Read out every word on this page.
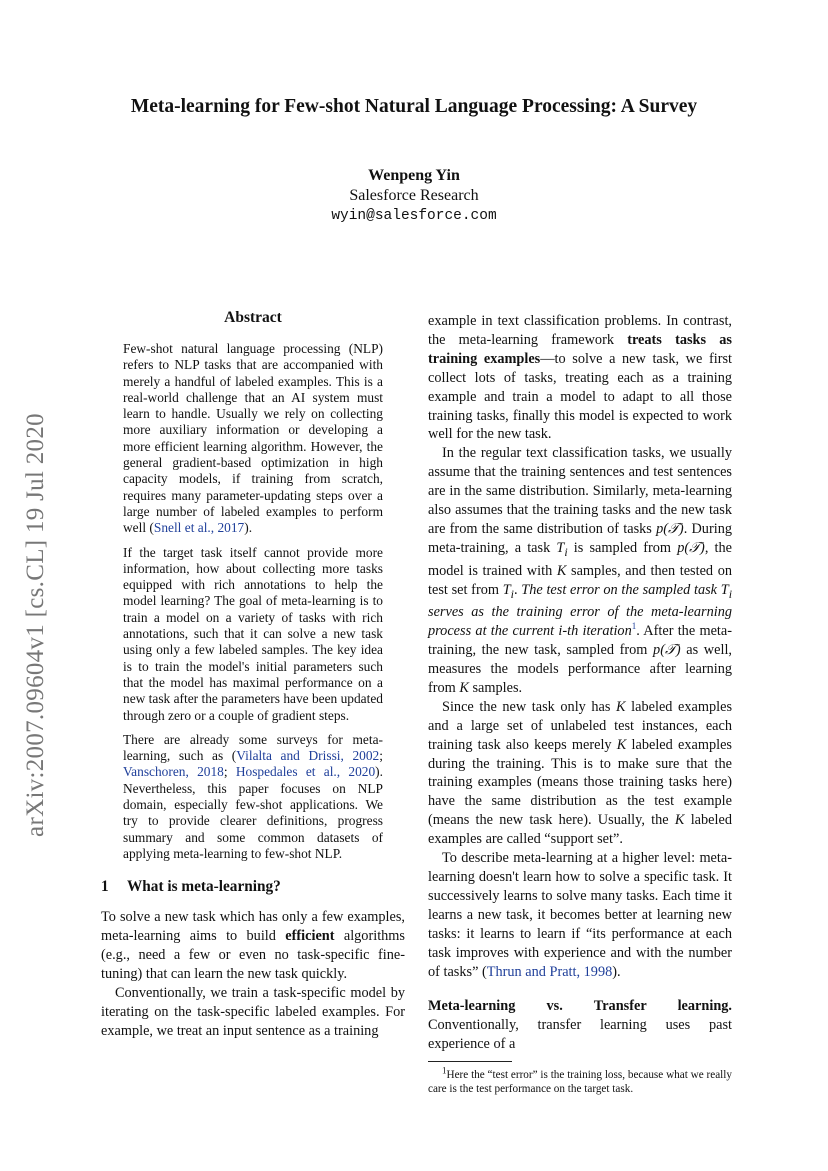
arXiv:2007.09604v1 [cs.CL] 19 Jul 2020
Meta-learning for Few-shot Natural Language Processing: A Survey
Wenpeng Yin
Salesforce Research
wyin@salesforce.com
Abstract

Few-shot natural language processing (NLP) refers to NLP tasks that are accompanied with merely a handful of labeled examples. This is a real-world challenge that an AI system must learn to handle. Usually we rely on collecting more auxiliary information or developing a more efficient learning algorithm. However, the general gradient-based optimization in high capacity models, if training from scratch, requires many parameter-updating steps over a large number of labeled examples to perform well (Snell et al., 2017).

If the target task itself cannot provide more information, how about collecting more tasks equipped with rich annotations to help the model learning? The goal of meta-learning is to train a model on a variety of tasks with rich annotations, such that it can solve a new task using only a few labeled samples. The key idea is to train the model's initial parameters such that the model has maximal performance on a new task after the parameters have been updated through zero or a couple of gradient steps.

There are already some surveys for meta-learning, such as (Vilalta and Drissi, 2002; Vanschoren, 2018; Hospedales et al., 2020). Nevertheless, this paper focuses on NLP domain, especially few-shot applications. We try to provide clearer definitions, progress summary and some common datasets of applying meta-learning to few-shot NLP.

1 What is meta-learning?

To solve a new task which has only a few examples, meta-learning aims to build efficient algorithms (e.g., need a few or even no task-specific fine-tuning) that can learn the new task quickly.

Conventionally, we train a task-specific model by iterating on the task-specific labeled examples. For example, we treat an input sentence as a training

example in text classification problems. In contrast, the meta-learning framework treats tasks as training examples—to solve a new task, we first collect lots of tasks, treating each as a training example and train a model to adapt to all those training tasks, finally this model is expected to work well for the new task.

In the regular text classification tasks, we usually assume that the training sentences and test sentences are in the same distribution. Similarly, meta-learning also assumes that the training tasks and the new task are from the same distribution of tasks p(𝒯). During meta-training, a task $T_i$ is sampled from p(𝒯), the model is trained with K samples, and then tested on test set from $T_i$. The test error on the sampled task $T_i$ serves as the training error of the meta-learning process at the current i-th iteration$^1$. After the meta-training, the new task, sampled from p(𝒯) as well, measures the models performance after learning from K samples.

Since the new task only has K labeled examples and a large set of unlabeled test instances, each training task also keeps merely K labeled examples during the training. This is to make sure that the training examples (means those training tasks here) have the same distribution as the test example (means the new task here). Usually, the K labeled examples are called “support set”.

To describe meta-learning at a higher level: meta-learning doesn't learn how to solve a specific task. It successively learns to solve many tasks. Each time it learns a new task, it becomes better at learning new tasks: it learns to learn if “its performance at each task improves with experience and with the number of tasks” (Thrun and Pratt, 1998).

Meta-learning vs. Transfer learning. Conventionally, transfer learning uses past experience of a

$^1$Here the “test error” is the training loss, because what we really care is the test performance on the target task.
